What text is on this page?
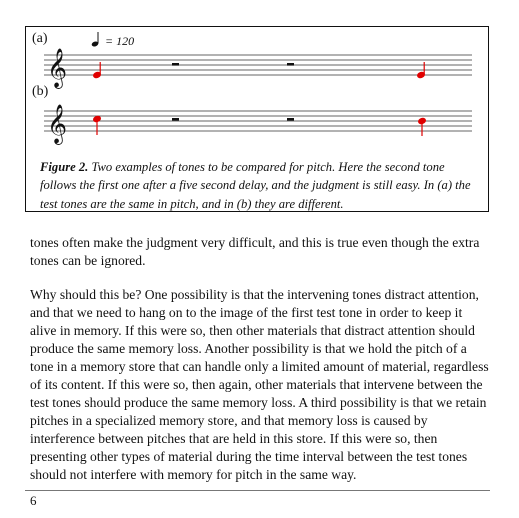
𝄞
𝄞
(a)
(b)
= 120
Figure 2. Two examples of tones to be compared for pitch. Here the second tone follows the first one after a five second delay, and the judgment is still easy. In (a) the test tones are the same in pitch, and in (b) they are different.

tones often make the judgment very difficult, and this is true even though the extra tones can be ignored.

Why should this be? One possibility is that the intervening tones distract attention, and that we need to hang on to the image of the first test tone in order to keep it alive in memory. If this were so, then other materials that distract attention should produce the same memory loss. Another possibility is that we hold the pitch of a tone in a memory store that can handle only a limited amount of material, regardless of its content. If this were so, then again, other materials that intervene between the test tones should produce the same memory loss. A third possibility is that we retain pitches in a specialized memory store, and that memory loss is caused by interference between pitches that are held in this store. If this were so, then presenting other types of material during the time interval between the test tones should not interfere with memory for pitch in the same way.

6
